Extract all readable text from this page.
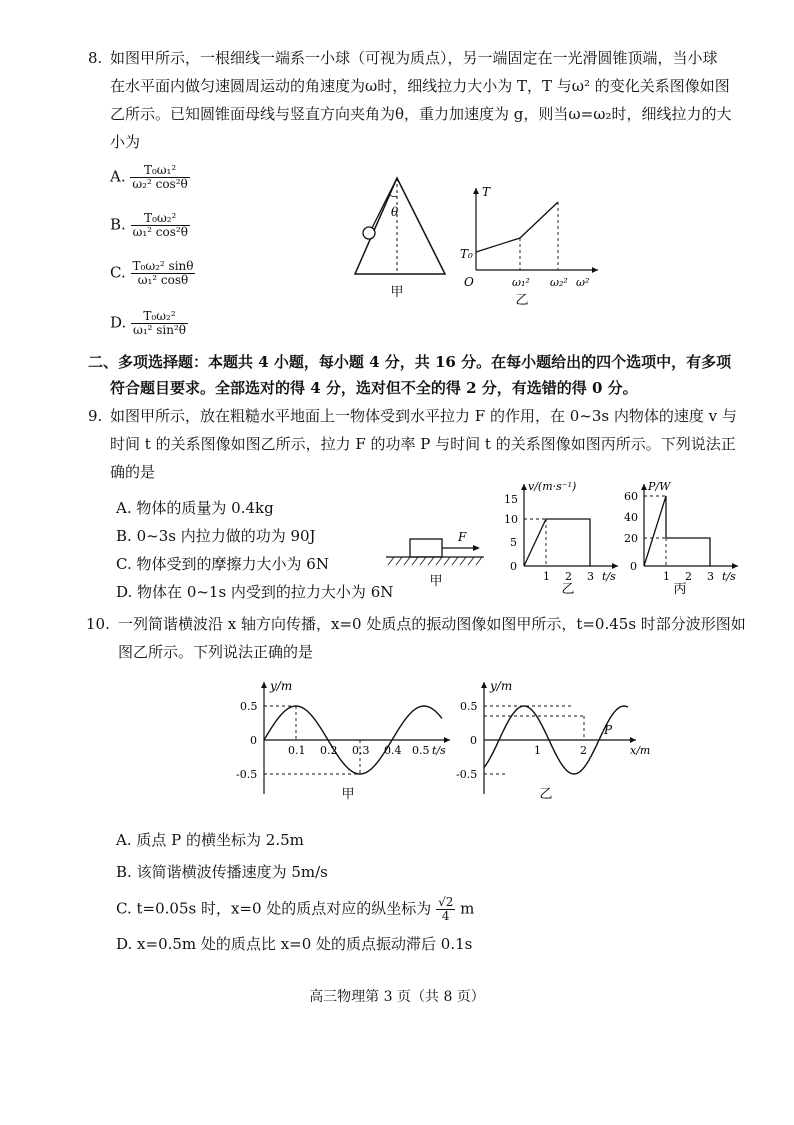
8. 如图甲所示，一根细线一端系一小球（可视为质点），另一端固定在一光滑圆锥顶端，当小球
在水平面内做匀速圆周运动的角速度为ω时，细线拉力大小为 T，T 与ω² 的变化关系图像如图
乙所示。已知圆锥面母线与竖直方向夹角为θ，重力加速度为 g，则当ω=ω₂时，细线拉力的大
小为
A. $\frac{\text{T₀ω₁²}}{\text{ω₂² cos²θ}}$
B. $\frac{\text{T₀ω₂²}}{\text{ω₁² cos²θ}}$
C. $\frac{\text{T₀ω₂² sinθ}}{\text{ω₁² cosθ}}$
D. $\frac{\text{T₀ω₂²}}{\text{ω₁² sin²θ}}$
θ
甲
T
T₀
O	ω₁² ω₂² ω²
乙
二、多项选择题：本题共 4 小题，每小题 4 分，共 16 分。在每小题给出的四个选项中，有多项
符合题目要求。全部选对的得 4 分，选对但不全的得 2 分，有选错的得 0 分。
9. 如图甲所示，放在粗糙水平地面上一物体受到水平拉力 F 的作用，在 0~3s 内物体的速度 v 与
时间 t 的关系图像如图乙所示，拉力 F 的功率 P 与时间 t 的关系图像如图丙所示。下列说法正
确的是
A. 物体的质量为 0.4kg
B. 0~3s 内拉力做的功为 90J
C. 物体受到的摩擦力大小为 6N
D. 物体在 0~1s 内受到的拉力大小为 6N
F
甲
v/(m·s⁻¹)
15
10
5
0
1 2 3 t/s
乙
P/W
60
40
20
0
1 2 3 t/s
丙
10. 一列简谐横波沿 x 轴方向传播，x=0 处质点的振动图像如图甲所示，t=0.45s 时部分波形图如
图乙所示。下列说法正确的是
y/m
0.5
0
-0.5
0.1 0.2 0.3 0.4 0.5 t/s
甲
y/m
0.5
0
-0.5
1	2
P
x/m
乙
A. 质点 P 的横坐标为 2.5m
B. 该简谐横波传播速度为 5m/s
C. t=0.05s 时，x=0 处的质点对应的纵坐标为 $\frac{√2}{4}$ m
D. x=0.5m 处的质点比 x=0 处的质点振动滞后 0.1s
高三物理第 3 页（共 8 页）
